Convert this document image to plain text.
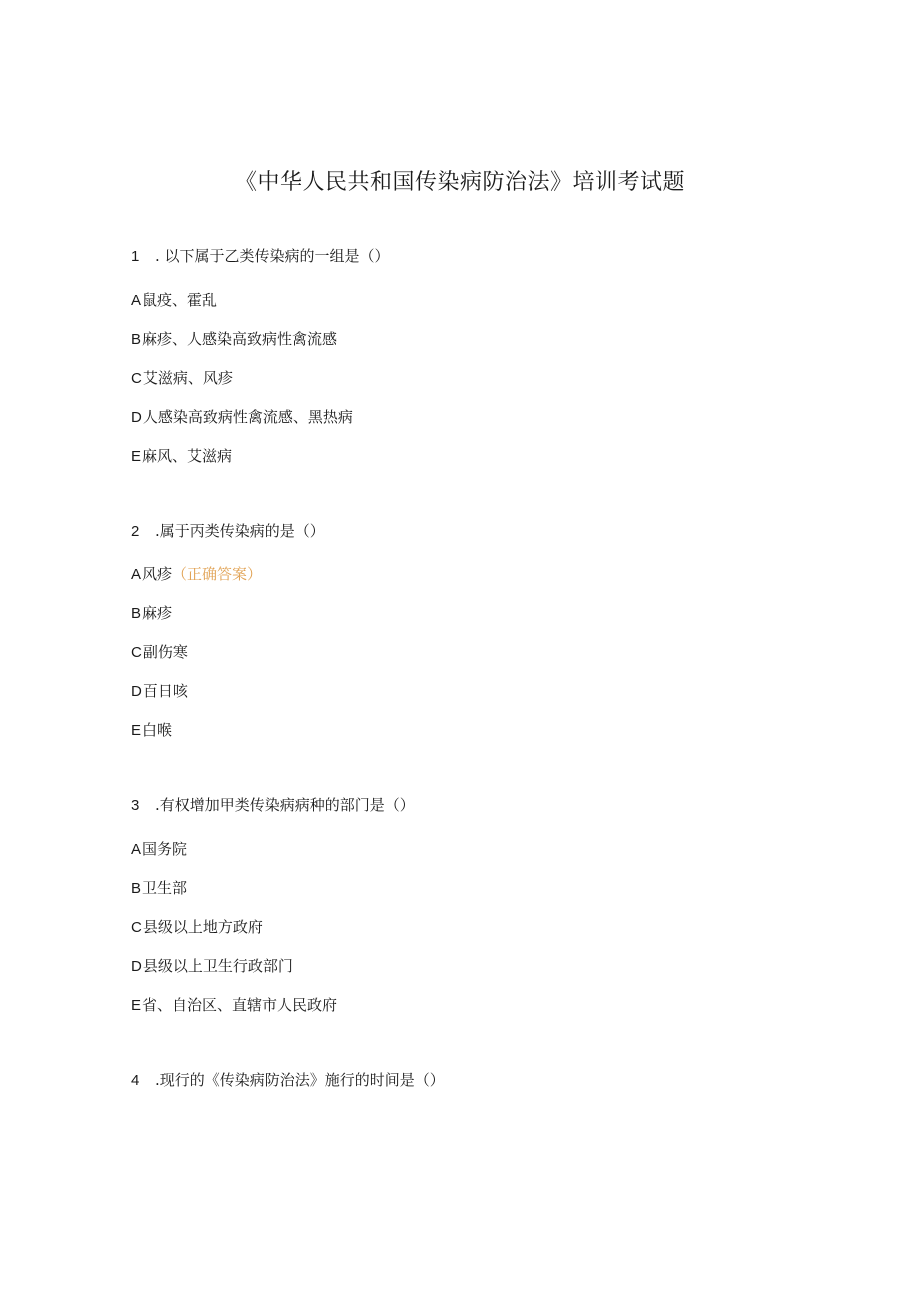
《中华人民共和国传染病防治法》培训考试题
1 . 以下属于乙类传染病的一组是（）
A鼠疫、霍乱
B麻疹、人感染高致病性禽流感
C艾滋病、风疹
D人感染高致病性禽流感、黑热病
E麻风、艾滋病
2 .属于丙类传染病的是（）
A风疹（正确答案）
B麻疹
C副伤寒
D百日咳
E白喉
3 .有权增加甲类传染病病种的部门是（）
A国务院
B卫生部
C县级以上地方政府
D县级以上卫生行政部门
E省、自治区、直辖市人民政府
4 .现行的《传染病防治法》施行的时间是（）
